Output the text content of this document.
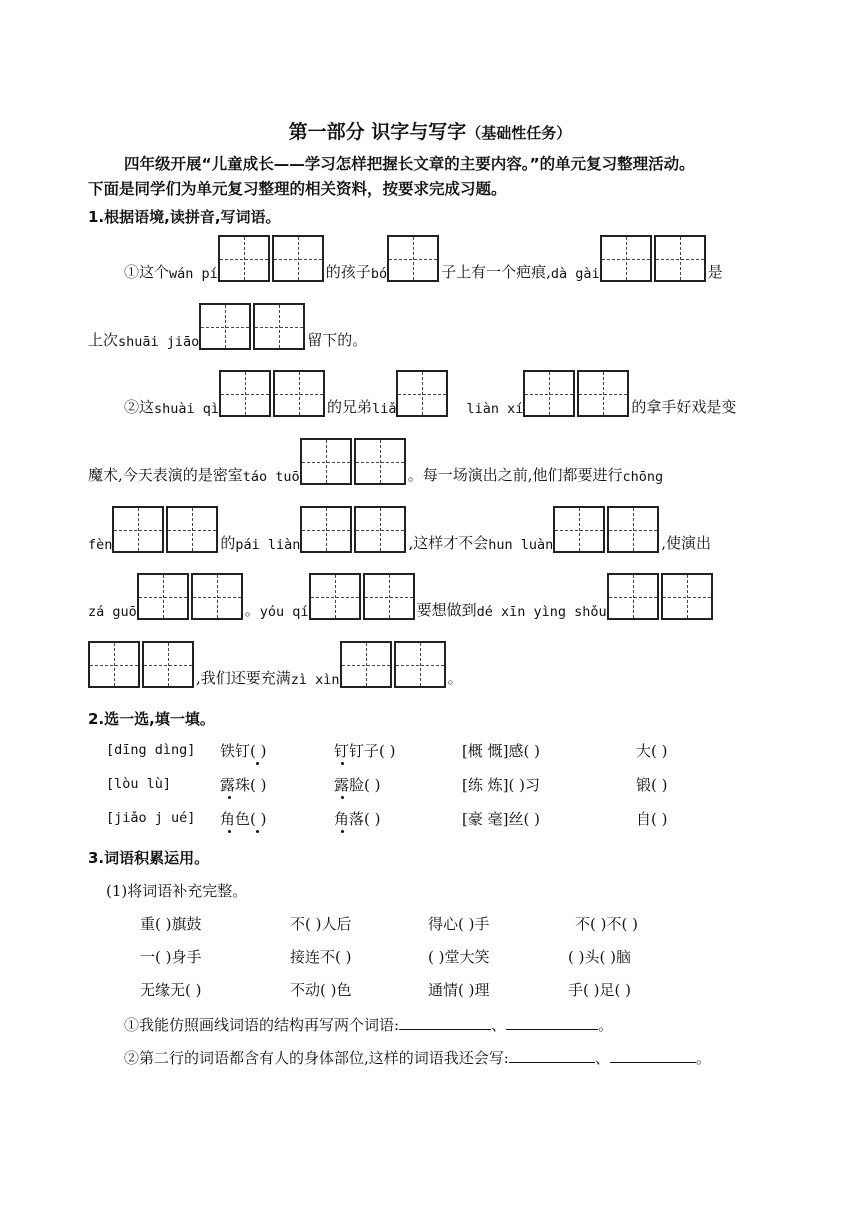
第一部分 识字与写字（基础性任务）
四年级开展“儿童成长——学习怎样把握长文章的主要内容。”的单元复习整理活动。
下面是同学们为单元复习整理的相关资料，按要求完成习题。
1.根据语境,读拼音,写词语。
①这个 wán pí	的孩子 bó	子上有一个疤痕, dà gài	是
上次 shuāi jiāo	留下的。
②这 shuài qì	的兄弟 liǎ	liàn xí	的拿手好戏是变
魔术,今天表演的是密室 táo tuō	。每一场演出之前,他们都要进行 chōng
fèn	的 pái liàn	,这样才不会 hun luàn	,使演出
zá guō	。 yóu qí	要想做到 dé xīn yìng shǒu
,我们还要充满 zì xìn	。
2.选一选,填一填。
[dīng dìng] 铁钉( )	钉钉子( )	[概 慨]感( )	大( )
[lòu lù]	露珠( )	露脸( )	[练 炼]( )习	锻( )
[jiǎo j ué] 角色( )	角落( )	[豪 毫]丝( )	自( )
3.词语积累运用。
(1)将词语补充完整。
重( )旗鼓	不( )人后	得心( )手	不( )不( )
一( )身手	接连不( )	( )堂大笑	( )头( )脑
无缘无( )	不动( )色	通情( )理	手( )足( )
①我能仿照画线词语的结构再写两个词语:	、	。
②第二行的词语都含有人的身体部位,这样的词语我还会写:	、	。
